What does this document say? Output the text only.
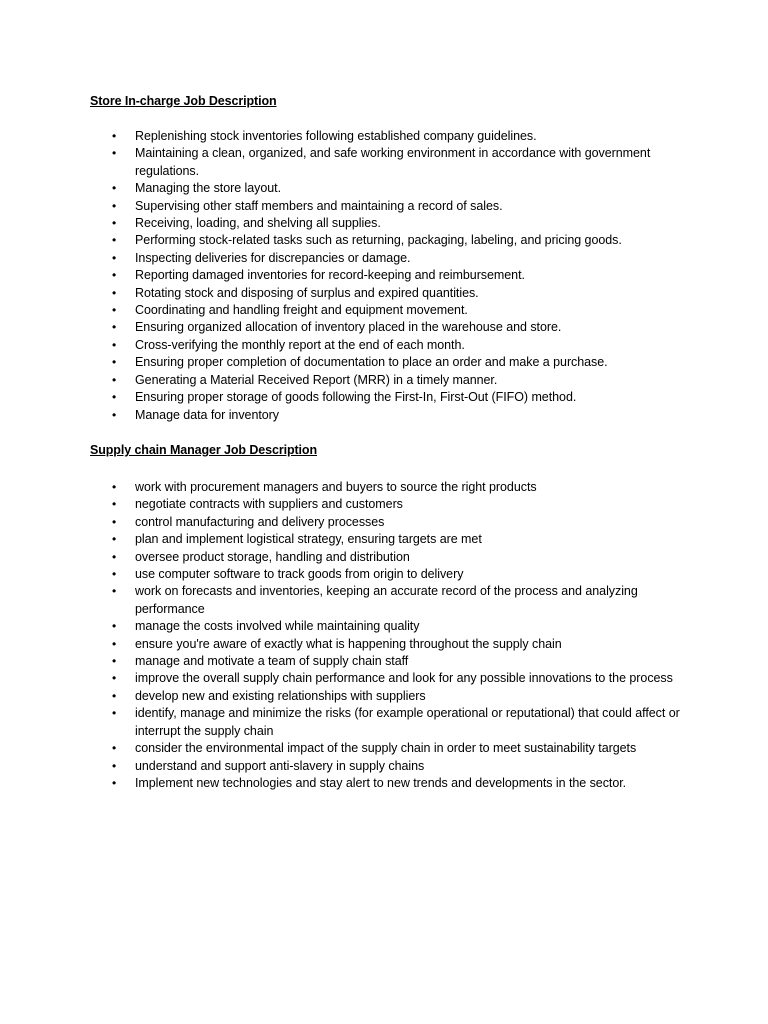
Store In-charge Job Description
• Replenishing stock inventories following established company guidelines.
• Maintaining a clean, organized, and safe working environment in accordance with government regulations.
• Managing the store layout.
• Supervising other staff members and maintaining a record of sales.
• Receiving, loading, and shelving all supplies.
• Performing stock-related tasks such as returning, packaging, labeling, and pricing goods.
• Inspecting deliveries for discrepancies or damage.
• Reporting damaged inventories for record-keeping and reimbursement.
• Rotating stock and disposing of surplus and expired quantities.
• Coordinating and handling freight and equipment movement.
• Ensuring organized allocation of inventory placed in the warehouse and store.
• Cross-verifying the monthly report at the end of each month.
• Ensuring proper completion of documentation to place an order and make a purchase.
• Generating a Material Received Report (MRR) in a timely manner.
• Ensuring proper storage of goods following the First-In, First-Out (FIFO) method.
• Manage data for inventory
Supply chain Manager Job Description
• work with procurement managers and buyers to source the right products
• negotiate contracts with suppliers and customers
• control manufacturing and delivery processes
• plan and implement logistical strategy, ensuring targets are met
• oversee product storage, handling and distribution
• use computer software to track goods from origin to delivery
• work on forecasts and inventories, keeping an accurate record of the process and analyzing performance
• manage the costs involved while maintaining quality
• ensure you're aware of exactly what is happening throughout the supply chain
• manage and motivate a team of supply chain staff
• improve the overall supply chain performance and look for any possible innovations to the process
• develop new and existing relationships with suppliers
• identify, manage and minimize the risks (for example operational or reputational) that could affect or interrupt the supply chain
• consider the environmental impact of the supply chain in order to meet sustainability targets
• understand and support anti-slavery in supply chains
• Implement new technologies and stay alert to new trends and developments in the sector.
